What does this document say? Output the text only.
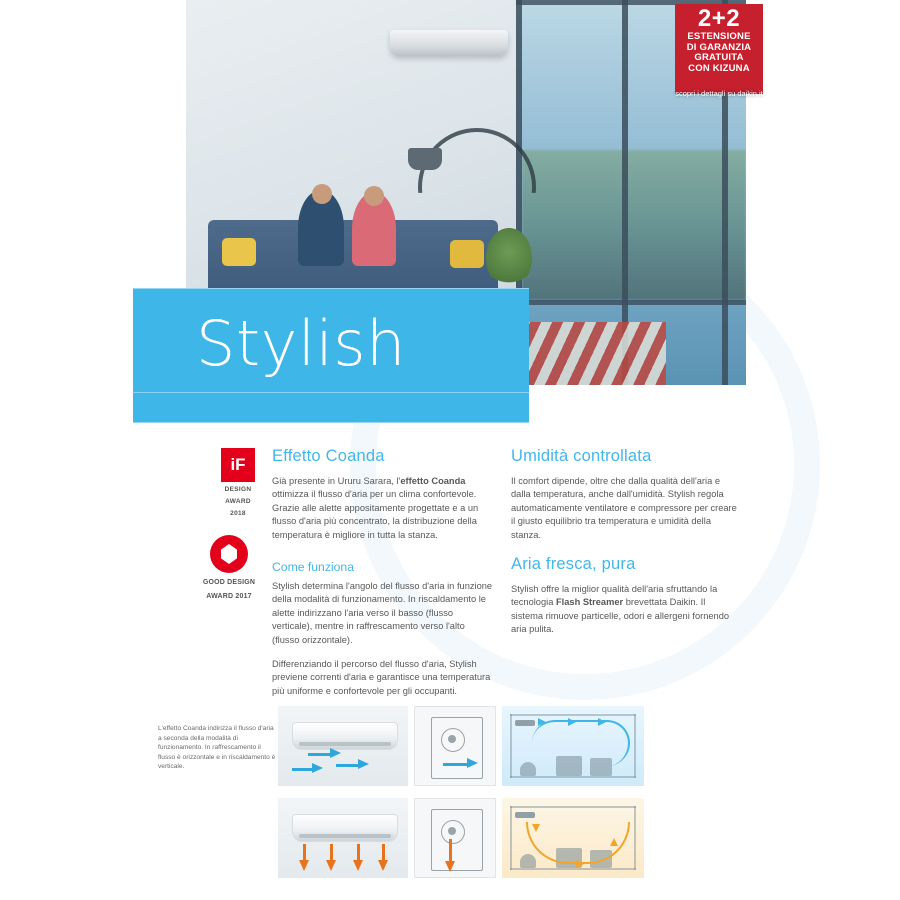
2+2
ESTENSIONE
DI GARANZIA
GRATUITA
CON KIZUNA
scopri i dettagli su daikin.it
Stylish
iF
DESIGN
AWARD
2018
GOOD DESIGN
AWARD 2017
Effetto Coanda

Già presente in Ururu Sarara, l'effetto Coanda ottimizza il flusso d'aria per un clima confortevole. Grazie alle alette appositamente progettate e a un flusso d'aria più concentrato, la distribuzione della temperatura è migliore in tutta la stanza.

Come funziona

Stylish determina l'angolo del flusso d'aria in funzione della modalità di funzionamento. In riscaldamento le alette indirizzano l'aria verso il basso (flusso verticale), mentre in raffrescamento verso l'alto (flusso orizzontale).

Differenziando il percorso del flusso d'aria, Stylish previene correnti d'aria e garantisce una temperatura più uniforme e confortevole per gli occupanti.

Umidità controllata

Il comfort dipende, oltre che dalla qualità dell'aria e dalla temperatura, anche dall'umidità. Stylish regola automaticamente ventilatore e compressore per creare il giusto equilibrio tra temperatura e umidità della stanza.

Aria fresca, pura

Stylish offre la miglior qualità dell'aria sfruttando la tecnologia Flash Streamer brevettata Daikin. Il sistema rimuove particelle, odori e allergeni fornendo aria pulita.

L'effetto Coanda indirizza il flusso d'aria a seconda della modalità di funzionamento. In raffrescamento il flusso è orizzontale e in riscaldamento è verticale.
